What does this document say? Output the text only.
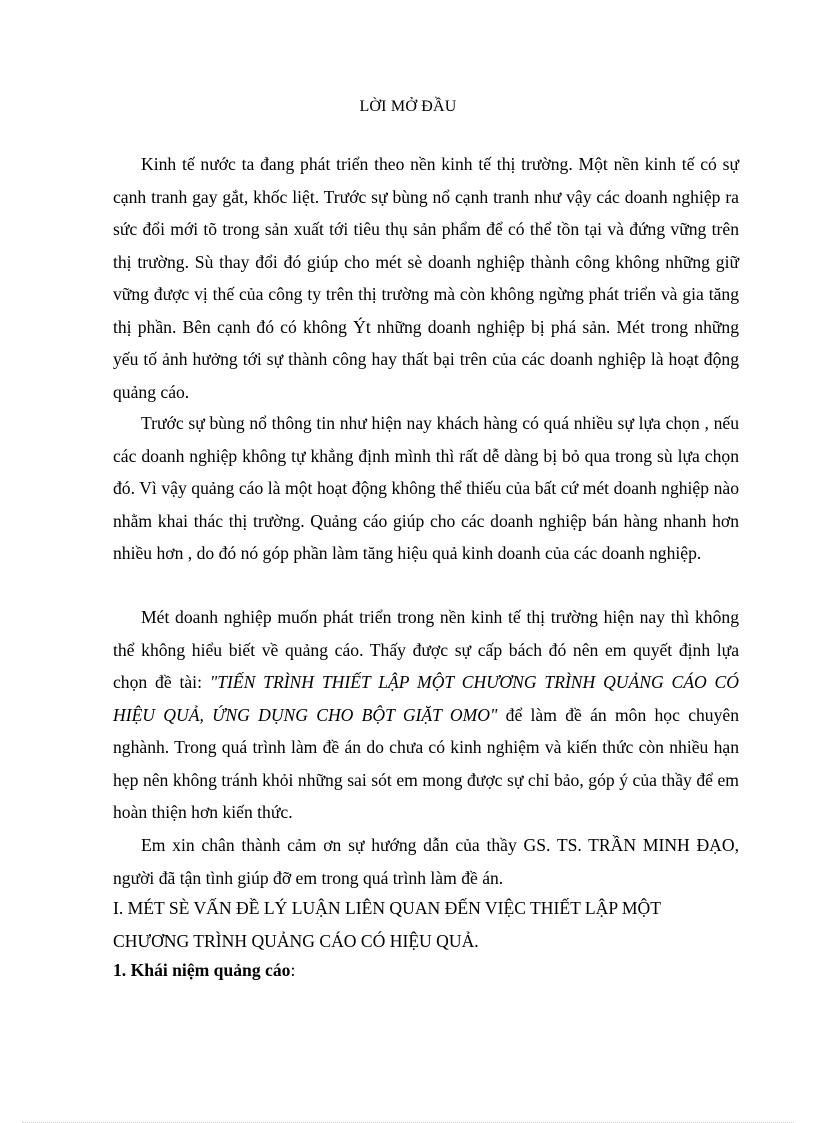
LỜI MỞ ĐẦU

Kinh tế nước ta đang phát triển theo nền kinh tế thị trường. Một nền kinh tế có sự cạnh tranh gay gắt, khốc liệt. Trước sự bùng nổ cạnh tranh như vậy các doanh nghiệp ra sức đổi mới tõ trong sản xuất tới tiêu thụ sản phẩm để có thể tồn tại và đứng vững trên thị trường. Sù thay đổi đó giúp cho mét sè doanh nghiệp thành công không những giữ vững được vị thế của công ty trên thị trường mà còn không ngừng phát triển và gia tăng thị phần. Bên cạnh đó có không Ýt những doanh nghiệp bị phá sản. Mét trong những yếu tố ảnh hưởng tới sự thành công hay thất bại trên của các doanh nghiệp là hoạt động quảng cáo.

Trước sự bùng nổ thông tin như hiện nay khách hàng có quá nhiều sự lựa chọn , nếu các doanh nghiệp không tự khẳng định mình thì rất dễ dàng bị bỏ qua trong sù lựa chọn đó. Vì vậy quảng cáo là một hoạt động không thể thiếu của bất cứ mét doanh nghiệp nào nhằm khai thác thị trường. Quảng cáo giúp cho các doanh nghiệp bán hàng nhanh hơn nhiều hơn , do đó nó góp phần làm tăng hiệu quả kinh doanh của các doanh nghiệp.

Mét doanh nghiệp muốn phát triển trong nền kinh tế thị trường hiện nay thì không thể không hiểu biết về quảng cáo. Thấy được sự cấp bách đó nên em quyết định lựa chọn đề tài: "TIẾN TRÌNH THIẾT LẬP MỘT CHƯƠNG TRÌNH QUẢNG CÁO CÓ HIỆU QUẢ, ỨNG DỤNG CHO BỘT GIẶT OMO" để làm đề án môn học chuyên nghành. Trong quá trình làm đề án do chưa có kinh nghiệm và kiến thức còn nhiều hạn hẹp nên không tránh khỏi những sai sót em mong được sự chỉ bảo, góp ý của thầy để em hoàn thiện hơn kiến thức.

Em xin chân thành cảm ơn sự hướng dẫn của thầy GS. TS. TRẦN MINH ĐẠO, người đã tận tình giúp đỡ em trong quá trình làm đề án.

I. MÉT SÈ VẤN ĐỀ LÝ LUẬN LIÊN QUAN ĐẾN VIỆC THIẾT LẬP MỘT CHƯƠNG TRÌNH QUẢNG CÁO CÓ HIỆU QUẢ.

1. Khái niệm quảng cáo:
